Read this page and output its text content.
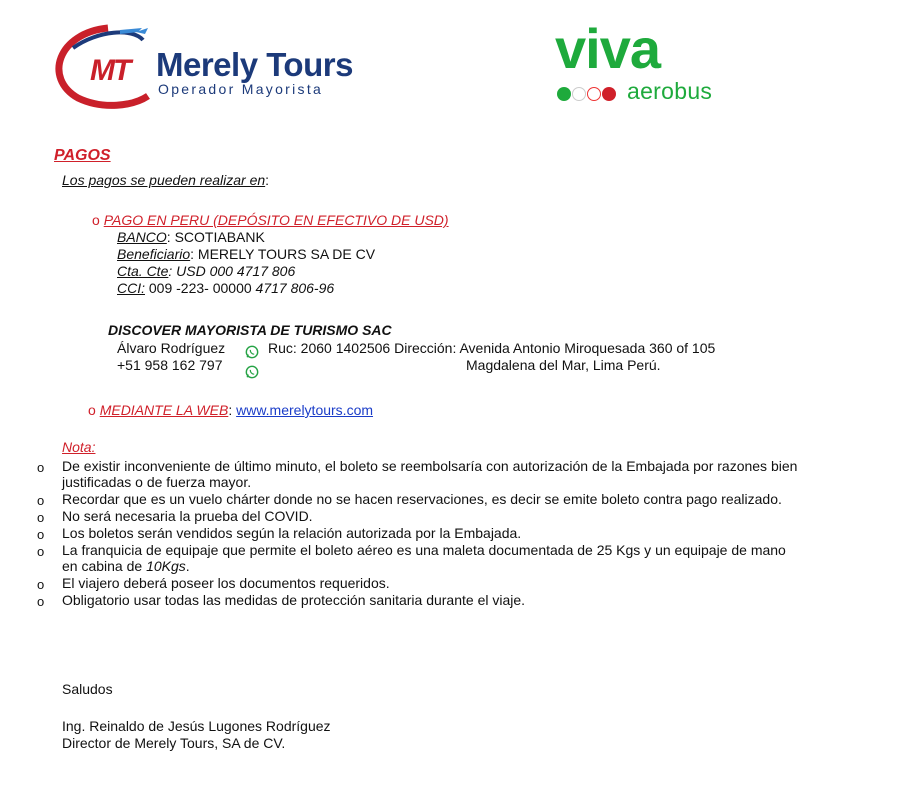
MT Merely Tours
Operador Mayorista
viva
aerobus
PAGOS
Los pagos se pueden realizar en:
o PAGO EN PERU (DEPÓSITO EN EFECTIVO DE USD)
BANCO: SCOTIABANK
Beneficiario: MERELY TOURS SA DE CV
Cta. Cte: USD 000 4717 806
CCI: 009 -223- 00000 4717 806-96
DISCOVER MAYORISTA DE TURISMO SAC
Álvaro Rodríguez
+51 958 162 797
Ruc: 2060 1402506 Dirección: Avenida Antonio Miroquesada 360 of 105
Magdalena del Mar, Lima Perú.
o MEDIANTE LA WEB: www.merelytours.com
Nota:
o De existir inconveniente de último minuto, el boleto se reembolsaría con autorización de la Embajada por razones bien
justificadas o de fuerza mayor.
o Recordar que es un vuelo chárter donde no se hacen reservaciones, es decir se emite boleto contra pago realizado.
o No será necesaria la prueba del COVID.
o Los boletos serán vendidos según la relación autorizada por la Embajada.
o La franquicia de equipaje que permite el boleto aéreo es una maleta documentada de 25 Kgs y un equipaje de mano
en cabina de 10Kgs.
o El viajero deberá poseer los documentos requeridos.
o Obligatorio usar todas las medidas de protección sanitaria durante el viaje.
Saludos
Ing. Reinaldo de Jesús Lugones Rodríguez
Director de Merely Tours, SA de CV.
